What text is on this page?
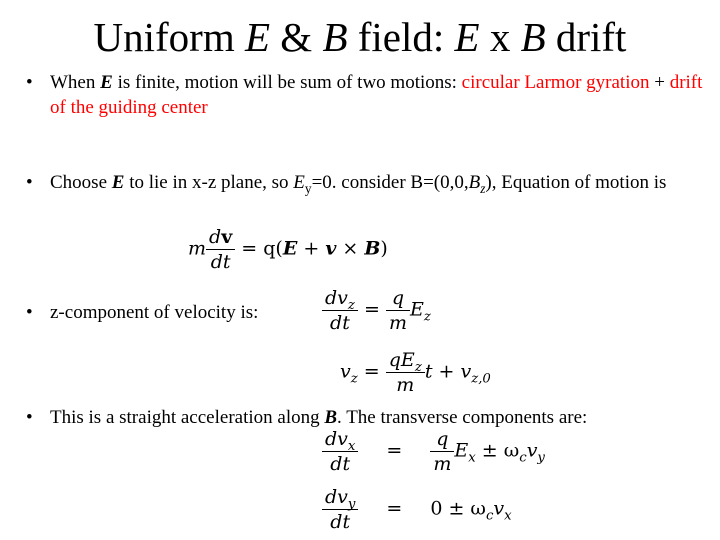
Uniform E & B field: E x B drift
• When E is finite, motion will be sum of two motions: circular Larmor gyration + drift of the guiding center
• Choose E to lie in x-z plane, so $E_y=0$. consider $B=(0,0,B_z)$, Equation of motion is
m $\frac{dv}{dt} = q(E + v \times B)$
• z-component of velocity is:	$\frac{dv_z}{dt} = \frac{q}{m} E_z$
$v_z = \frac{qE_z}{m}$ $t + v_{z,0}$
• This is a straight acceleration along B. The transverse components are:
$\frac{dv_x}{dt} = \frac{q}{m} E_x \pm \omega_cv_y$
$\frac{dv_y}{dt} = 0 \pm \omega_cv_x$
